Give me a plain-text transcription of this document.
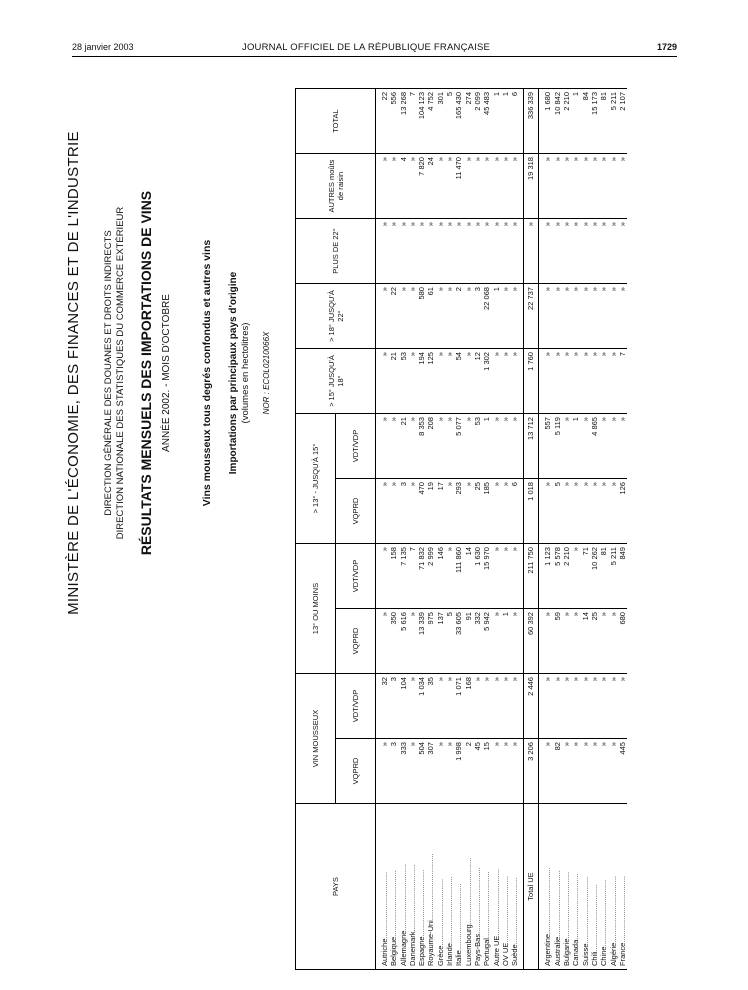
28 janvier 2003	JOURNAL OFFICIEL DE LA RÉPUBLIQUE FRANÇAISE	1729
MINISTÈRE DE L'ÉCONOMIE, DES FINANCES ET DE L'INDUSTRIE DIRECTION GÉNÉRALE DES DOUANES ET DROITS INDIRECTS DIRECTION NATIONALE DES STATISTIQUES DU COMMERCE EXTÉRIEUR RÉSULTATS MENSUELS DES IMPORTATIONS DE VINS ANNÉE 2002. - MOIS D'OCTOBRE	Vins mousseux tous degrés confondus et autres vins Importations par principaux pays d'origine (volumes en hectolitres) NOR : ECOL0210066X
PAYS	VIN MOUSSEUX		13° OU MOINS		> 13° - JUSQU'À 15°		> 15° JUSQU'À 18°	> 18° JUSQU'À 22°	PLUS DE 22°	AUTRES moûts de raisin	TOTAL
	VQPRD	VDT/VDP	VQPRD	VDT/VDP	VQPRD	VDT/VDP					

Autriche................................	»	32	»	»	»	»	»	»	»	»	22
Belgique................................	3	3	350	158	»	»	21	22	»	»	556
Allemagne................................	333	104	5 616	7 135	3	21	53	»	»	4	13 268
Danemark................................	»	»	»	7	»	»	»	»	»	»	7
Espagne................................	504	1 034	13 339	71 832	470	8 353	194	580	»	7 820	104 123
Royaume-Uni................................	307	35	975	2 999	19	208	125	61	»	24	4 752
Grèce................................	»	»	137	146	17	»	»	»	»	»	301
Irlande................................	»	»	5	»	»	»	»	»	»	»	5
Italie................................	1 998	1 071	33 605	111 860	293	5 077	54	2	»	11 470	165 430
Luxembourg................................	2	168	91	14	»	»	»	»	»	»	274
Pays-Bas................................	45	»	332	1 630	25	53	12	3	»	»	2 099
Portugal................................	15	»	5 942	15 970	185	1	1 302	22 068	»	»	45 483
Autre UE................................	»	»	»	»	»	»	»	1	»	»	1
OV UE................................	»	»	1	»	»	»	»	»	»	»	1
Suède................................	»	»	»	»	6	»	»	»	»	»	6

Total UE	3 206	2 446	60 392	211 750	1 018	13 712	1 760	22 737	»	19 318	336 339

Argentine................................	»	»	»	1 123	»	557	»	»	»	»	1 680
Australie................................	82	»	59	5 578	5	5 119	»	»	»	»	10 842
Bulgarie................................	»	»	»	2 210	»	»	»	»	»	»	2 210
Canada................................	»	»	»	»	»	1	»	»	»	»	1
Suisse................................	»	»	14	71	»	»	»	»	»	»	84
Chili................................	»	»	25	10 262	»	4 865	»	»	»	»	15 173
Chine................................	»	»	»	81	»	»	»	»	»	»	81
Algérie................................	»	»	»	5 211	»	»	»	»	»	»	5 211
France................................	445	»	680	849	126	»	7	»	»	»	2 107
